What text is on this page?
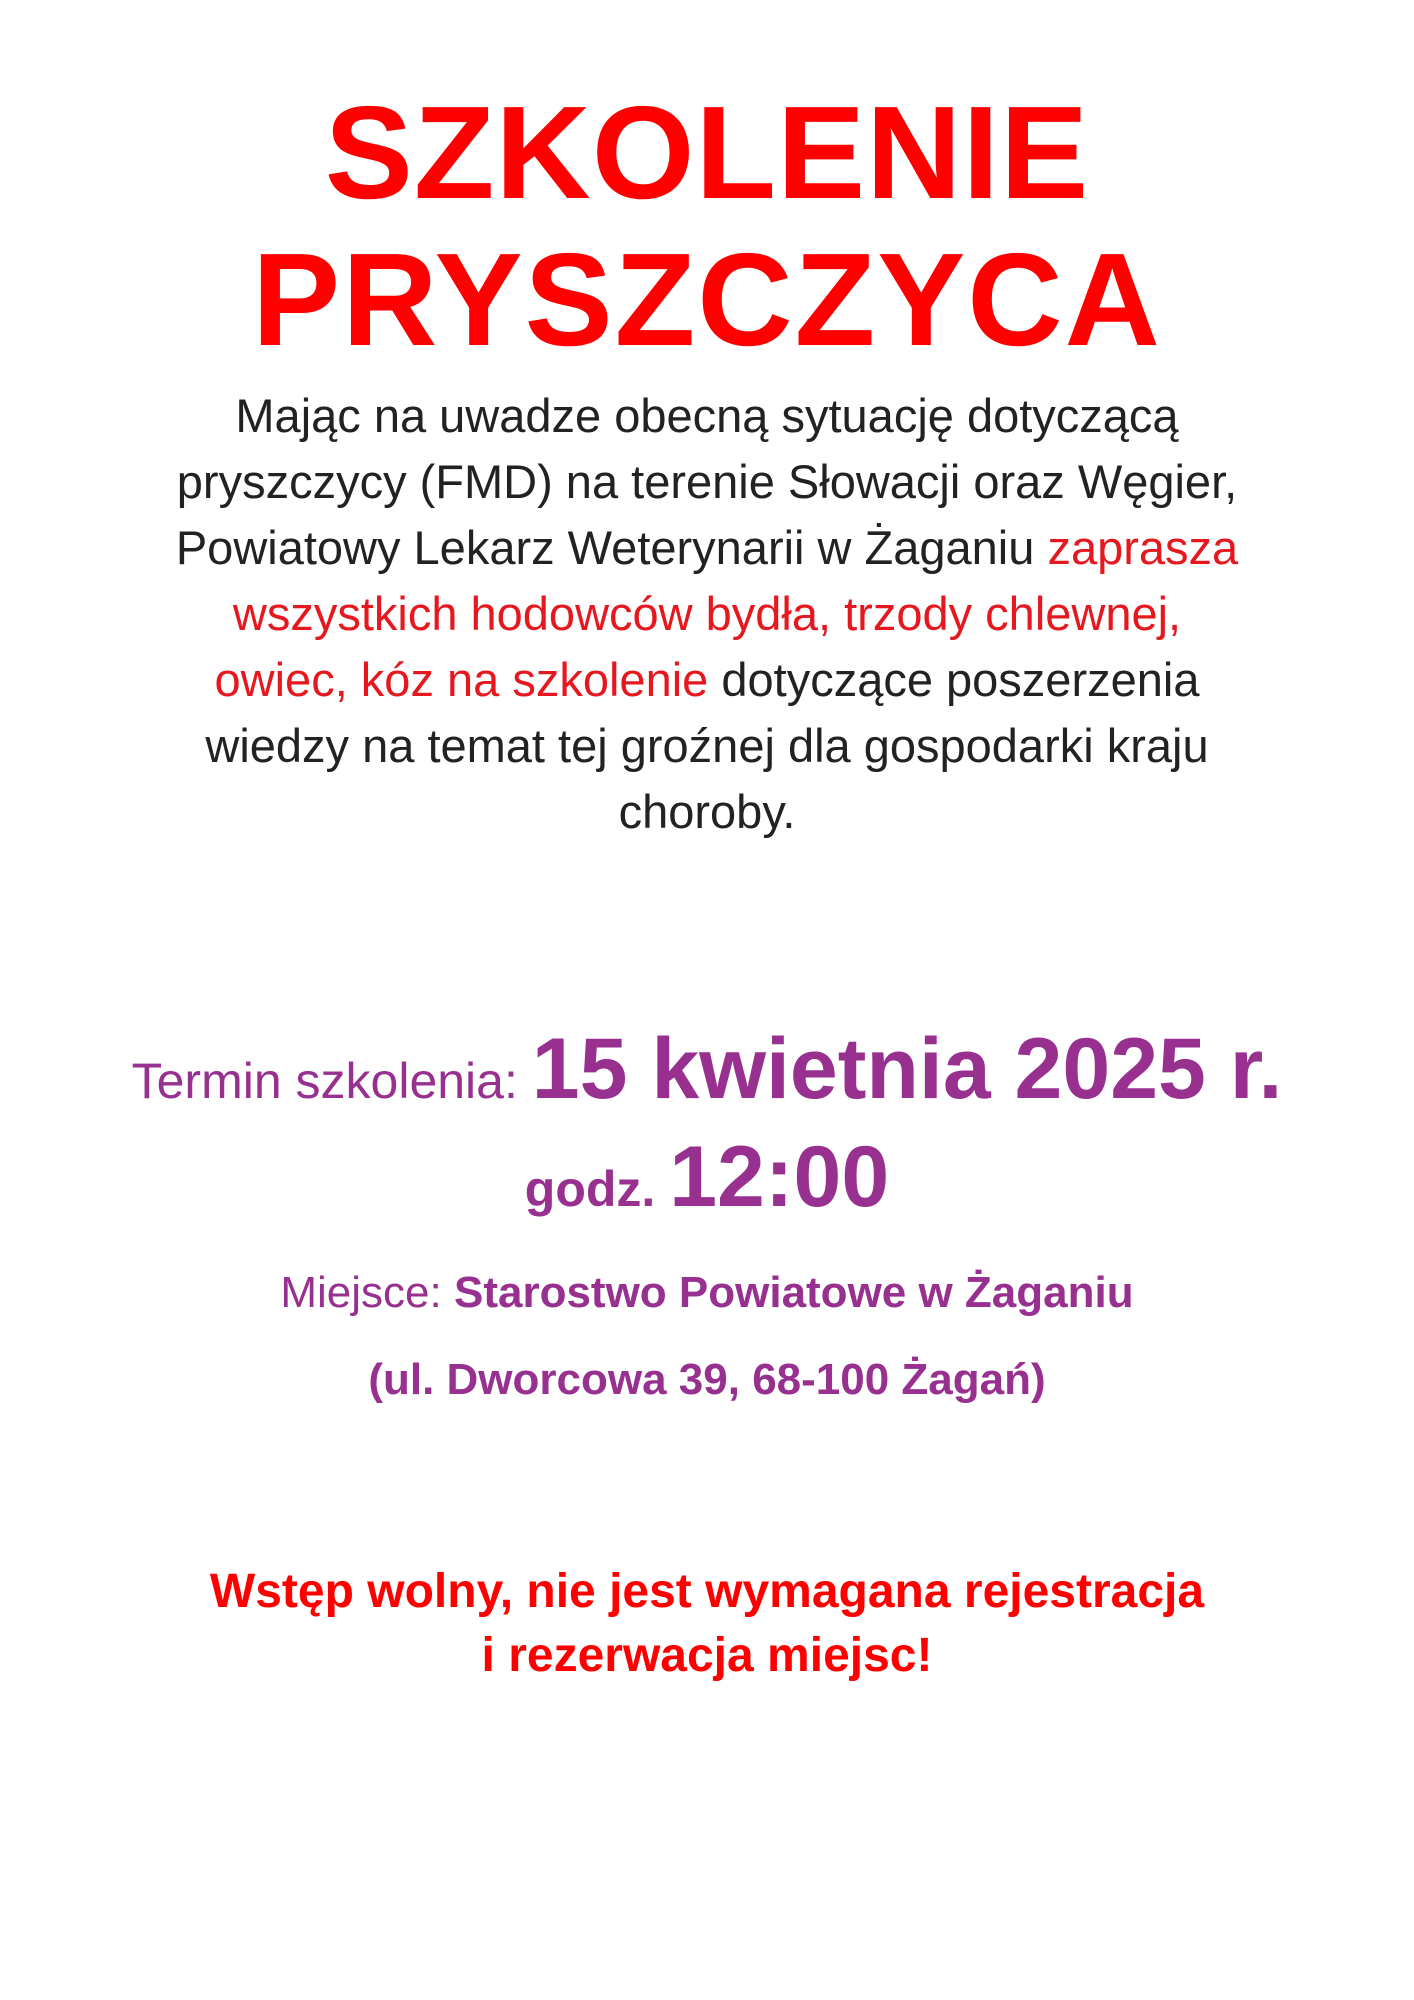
SZKOLENIE
PRYSZCZYCA

Mając na uwadze obecną sytuację dotyczącą
pryszczycy (FMD) na terenie Słowacji oraz Węgier,
Powiatowy Lekarz Weterynarii w Żaganiu zaprasza
wszystkich hodowców bydła, trzody chlewnej,
owiec, kóz na szkolenie dotyczące poszerzenia
wiedzy na temat tej groźnej dla gospodarki kraju
choroby.

Termin szkolenia: 15 kwietnia 2025 r.
godz. 12:00
Miejsce: Starostwo Powiatowe w Żaganiu
(ul. Dworcowa 39, 68-100 Żagań)

Wstęp wolny, nie jest wymagana rejestracja
i rezerwacja miejsc!
